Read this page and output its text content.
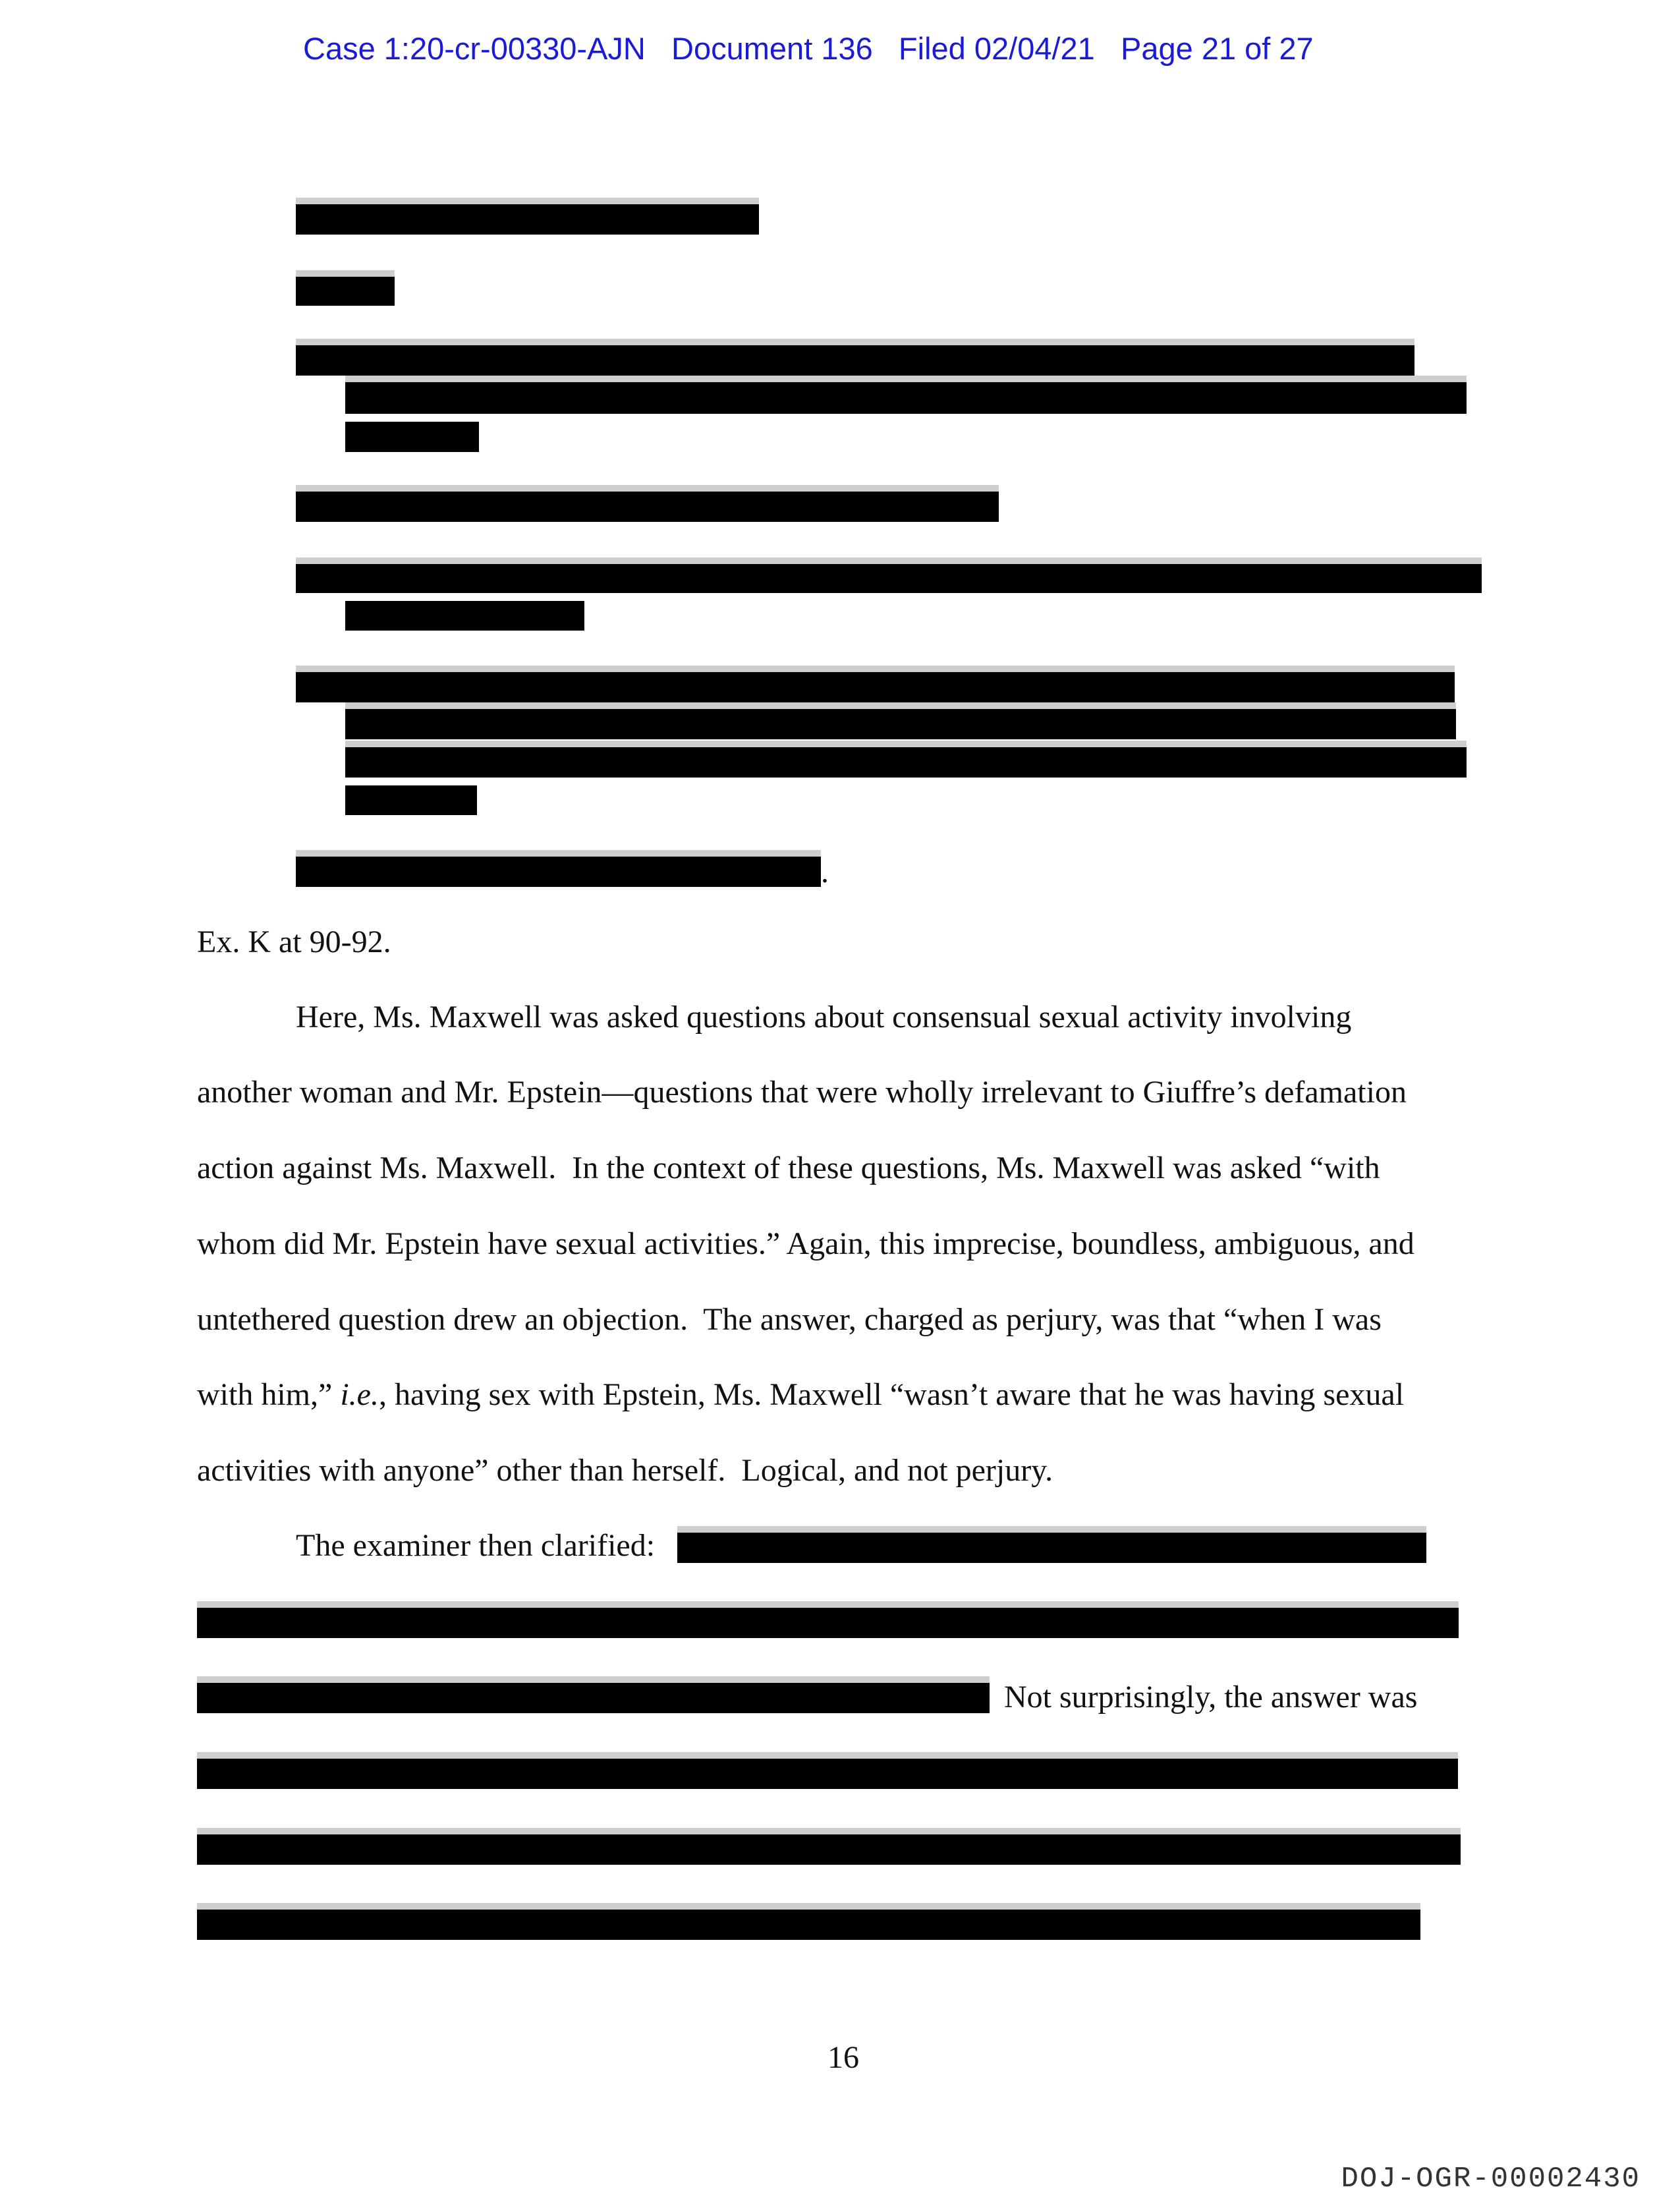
Case 1:20-cr-00330-AJN Document 136 Filed 02/04/21 Page 21 of 27
.
Ex. K at 90-92.
Here, Ms. Maxwell was asked questions about consensual sexual activity involving
another woman and Mr. Epstein—questions that were wholly irrelevant to Giuffre’s defamation
action against Ms. Maxwell.  In the context of these questions, Ms. Maxwell was asked “with
whom did Mr. Epstein have sexual activities.” Again, this imprecise, boundless, ambiguous, and
untethered question drew an objection.  The answer, charged as perjury, was that “when I was
with him,” i.e., having sex with Epstein, Ms. Maxwell “wasn’t aware that he was having sexual
activities with anyone” other than herself.  Logical, and not perjury.
The examiner then clarified:
Not surprisingly, the answer was
16
DOJ-OGR-00002430
